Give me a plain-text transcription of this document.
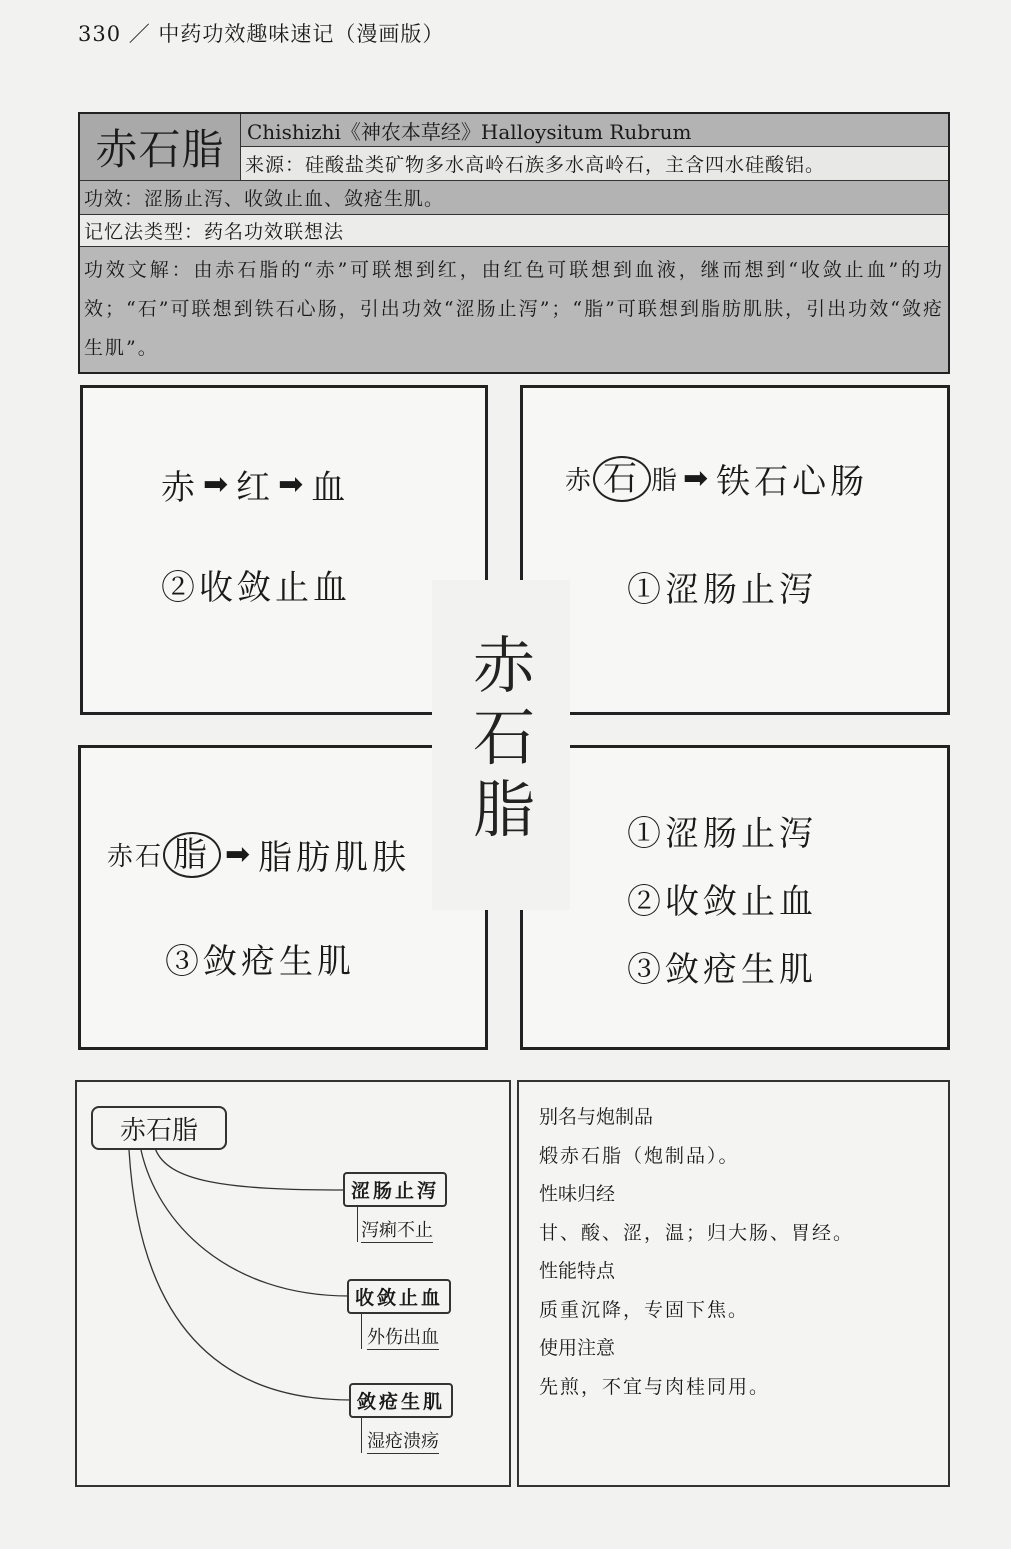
330 ／ 中药功效趣味速记（漫画版）
赤石脂	Chishizhi《神农本草经》Halloysitum Rubrum
来源： 硅酸盐类矿物多水高岭石族多水高岭石，主含四水硅酸铝。
功效： 涩肠止泻、收敛止血、敛疮生肌。
记忆法类型： 药名功效联想法
功效文解：由赤石脂的“赤”可联想到红，由红色可联想到血液，继而想到“收敛止血”的功效；“石”可联想到铁石心肠，引出功效“涩肠止泻”；“脂”可联想到脂肪肌肤，引出功效“敛疮生肌”。
赤 ➡ 红 ➡ 血
②收敛止血
赤 石 脂 ➡ 铁石心肠
①涩肠止泻
赤石 脂 ➡ 脂肪肌肤
③敛疮生肌
①涩肠止泻
②收敛止血
③敛疮生肌
赤
石
脂
赤石脂
涩肠止泻
泻痢不止
收敛止血
外伤出血
敛疮生肌
湿疮溃疡

别名与炮制品

煅赤石脂（炮制品）。

性味归经

甘、酸、涩，温；归大肠、胃经。

性能特点

质重沉降，专固下焦。

使用注意

先煎，不宜与肉桂同用。
